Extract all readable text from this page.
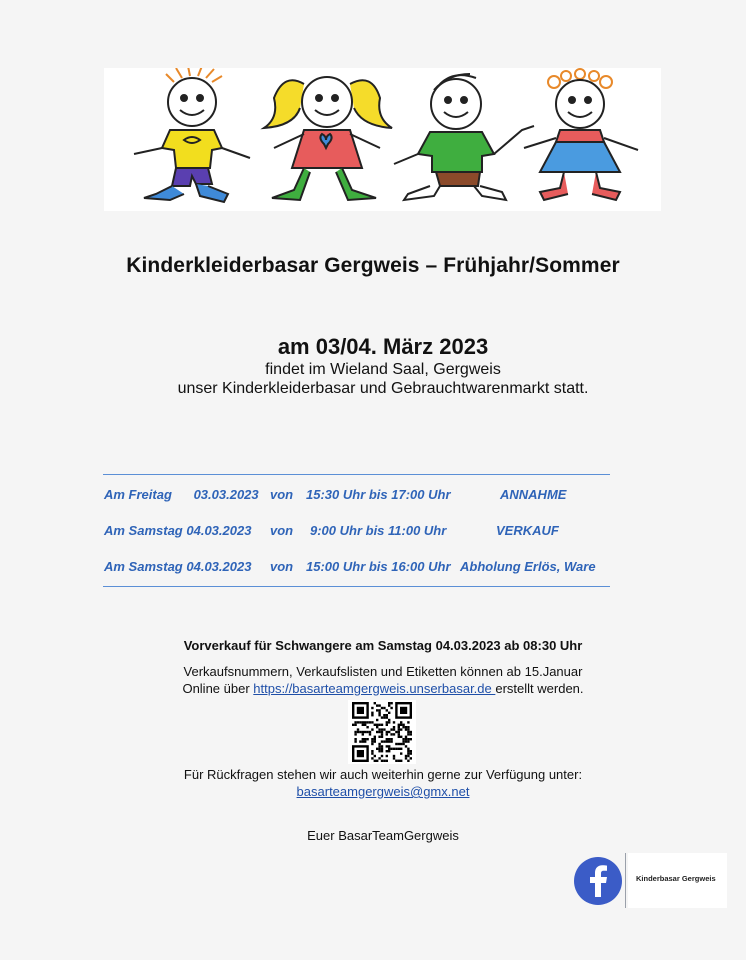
Kinderkleiderbasar Gergweis – Frühjahr/Sommer
am 03/04. März 2023
findet im Wieland Saal, Gergweis
unser Kinderkleiderbasar und Gebrauchtwarenmarkt statt.
Am Freitag 03.03.2023 von 15:30 Uhr bis 17:00 Uhr	ANNAHME
Am Samstag 04.03.2023 von 9:00 Uhr bis 11:00 Uhr	VERKAUF
Am Samstag 04.03.2023 von 15:00 Uhr bis 16:00 Uhr Abholung Erlös, Ware
Vorverkauf für Schwangere am Samstag 04.03.2023 ab 08:30 Uhr
Verkaufsnummern, Verkaufslisten und Etiketten können ab 15.Januar
Online über https://basarteamgergweis.unserbasar.de erstellt werden.
Für Rückfragen stehen wir auch weiterhin gerne zur Verfügung unter:
basarteamgergweis@gmx.net
Euer BasarTeamGergweis
Kinderbasar Gergweis
